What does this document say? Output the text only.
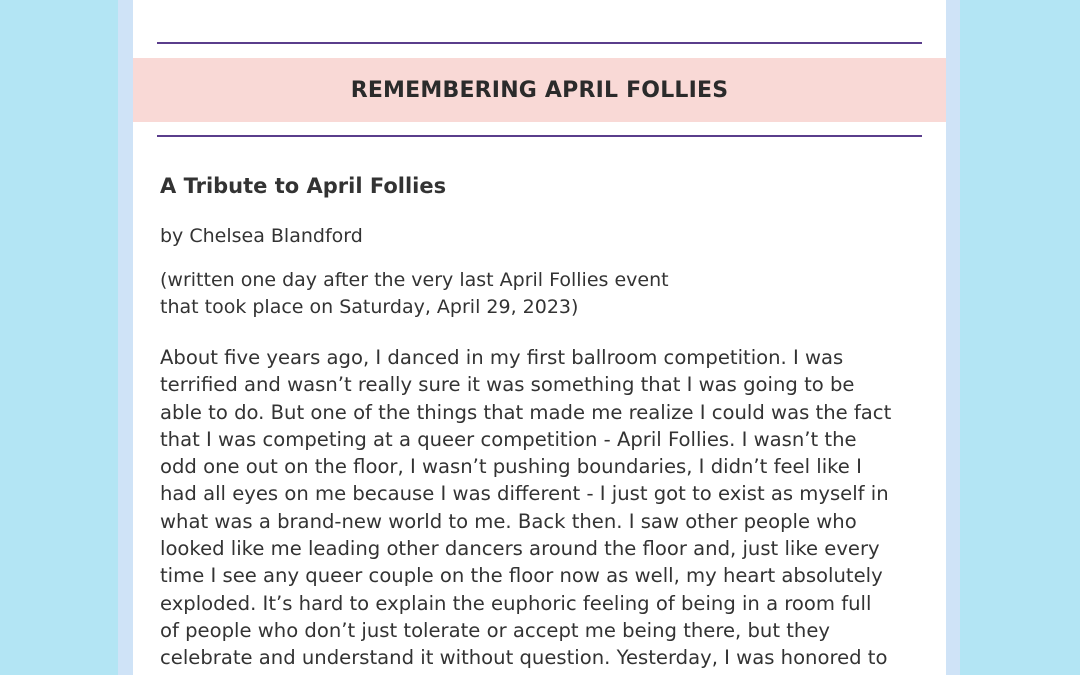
REMEMBERING APRIL FOLLIES
A Tribute to April Follies

by Chelsea Blandford

(written one day after the very last April Follies event
that took place on Saturday, April 29, 2023)

About five years ago, I danced in my first ballroom competition. I was
terrified and wasn’t really sure it was something that I was going to be
able to do. But one of the things that made me realize I could was the fact
that I was competing at a queer competition - April Follies. I wasn’t the
odd one out on the floor, I wasn’t pushing boundaries, I didn’t feel like I
had all eyes on me because I was different - I just got to exist as myself in
what was a brand-new world to me. Back then. I saw other people who
looked like me leading other dancers around the floor and, just like every
time I see any queer couple on the floor now as well, my heart absolutely
exploded. It’s hard to explain the euphoric feeling of being in a room full
of people who don’t just tolerate or accept me being there, but they
celebrate and understand it without question. Yesterday, I was honored to
